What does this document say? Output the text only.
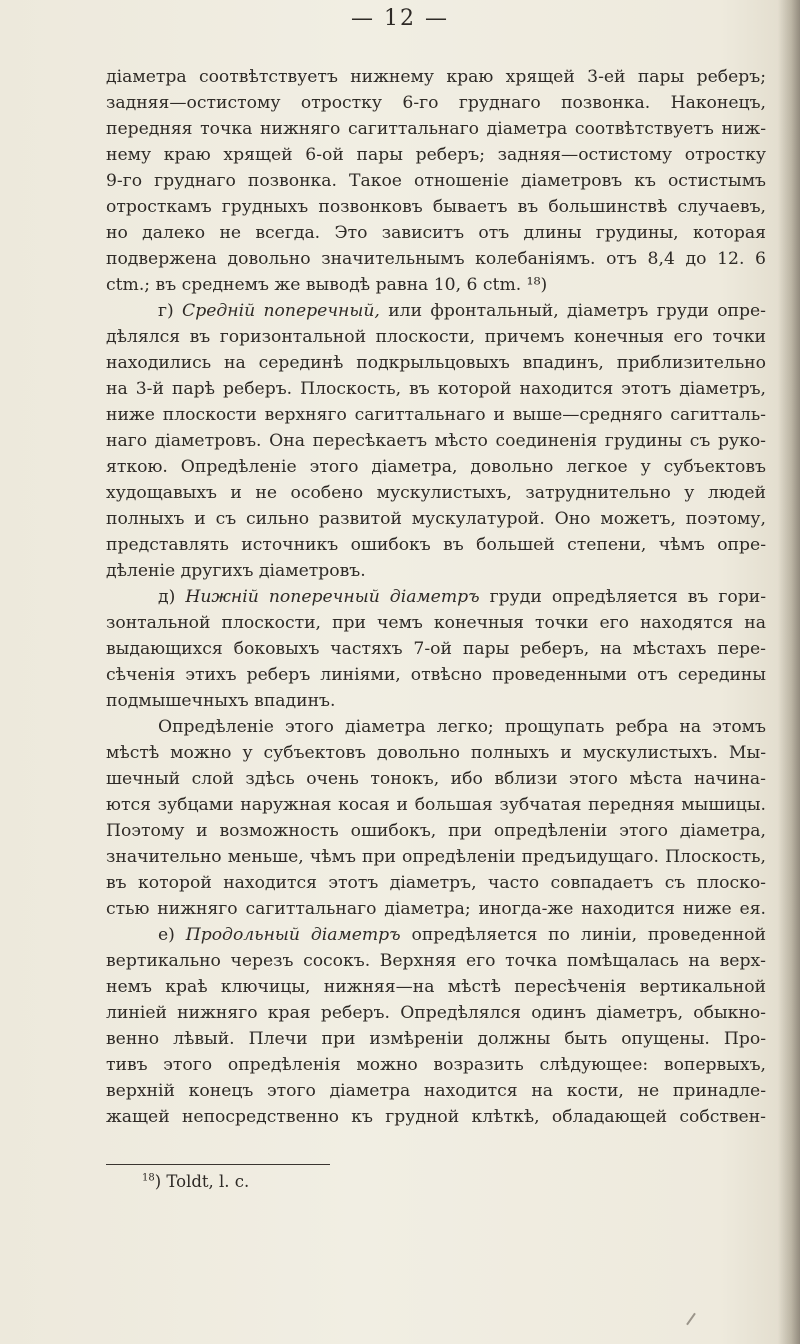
— 12 —
діаметра соотвѣтствуетъ нижнему краю хрящей 3-ей пары реберъ;
задняя—остистому отростку 6-го груднаго позвонка. Наконецъ,
передняя точка нижняго сагиттальнаго діаметра соотвѣтствуетъ ниж-
нему краю хрящей 6-ой пары реберъ; задняя—остистому отростку
9-го груднаго позвонка. Такое отношеніе діаметровъ къ остистымъ
отросткамъ грудныхъ позвонковъ бываетъ въ большинствѣ случаевъ,
но далеко не всегда. Это зависитъ отъ длины грудины, которая
подвержена довольно значительнымъ колебаніямъ. отъ 8,4 до 12. 6
ctm.; въ среднемъ же выводѣ равна 10, 6 ctm. ¹⁸)
г) Средній поперечный, или фронтальный, діаметръ груди опре-
дѣлялся въ горизонтальной плоскости, причемъ конечныя его точки
находились на серединѣ подкрыльцовыхъ впадинъ, приблизительно
на 3-й парѣ реберъ. Плоскость, въ которой находится этотъ діаметръ,
ниже плоскости верхняго сагиттальнаго и выше—средняго сагитталь-
наго діаметровъ. Она пересѣкаетъ мѣсто соединенія грудины съ руко-
яткою. Опредѣленіе этого діаметра, довольно легкое у субъектовъ
худощавыхъ и не особено мускулистыхъ, затруднительно у людей
полныхъ и съ сильно развитой мускулатурой. Оно можетъ, поэтому,
представлять источникъ ошибокъ въ большей степени, чѣмъ опре-
дѣленіе другихъ діаметровъ.
д) Нижній поперечный діаметръ груди опредѣляется въ гори-
зонтальной плоскости, при чемъ конечныя точки его находятся на
выдающихся боковыхъ частяхъ 7-ой пары реберъ, на мѣстахъ пере-
сѣченія этихъ реберъ линіями, отвѣсно проведенными отъ середины
подмышечныхъ впадинъ.
Опредѣленіе этого діаметра легко; прощупать ребра на этомъ
мѣстѣ можно у субъектовъ довольно полныхъ и мускулистыхъ. Мы-
шечный слой здѣсь очень тонокъ, ибо вблизи этого мѣста начина-
ются зубцами наружная косая и большая зубчатая передняя мышицы.
Поэтому и возможность ошибокъ, при опредѣленіи этого діаметра,
значительно меньше, чѣмъ при опредѣленіи предъидущаго. Плоскость,
въ которой находится этотъ діаметръ, часто совпадаетъ съ плоско-
стью нижняго сагиттальнаго діаметра; иногда-же находится ниже ея.
е) Продольный діаметръ опредѣляется по линіи, проведенной
вертикально черезъ сосокъ. Верхняя его точка помѣщалась на верх-
немъ краѣ ключицы, нижняя—на мѣстѣ пересѣченія вертикальной
линіей нижняго края реберъ. Опредѣлялся одинъ діаметръ, обыкно-
венно лѣвый. Плечи при измѣреніи должны быть опущены. Про-
тивъ этого опредѣленія можно возразить слѣдующее: вопервыхъ,
верхній конецъ этого діаметра находится на кости, не принадле-
жащей непосредственно къ грудной клѣткѣ, обладающей собствен-
$^{18}$) Toldt, l. c.
